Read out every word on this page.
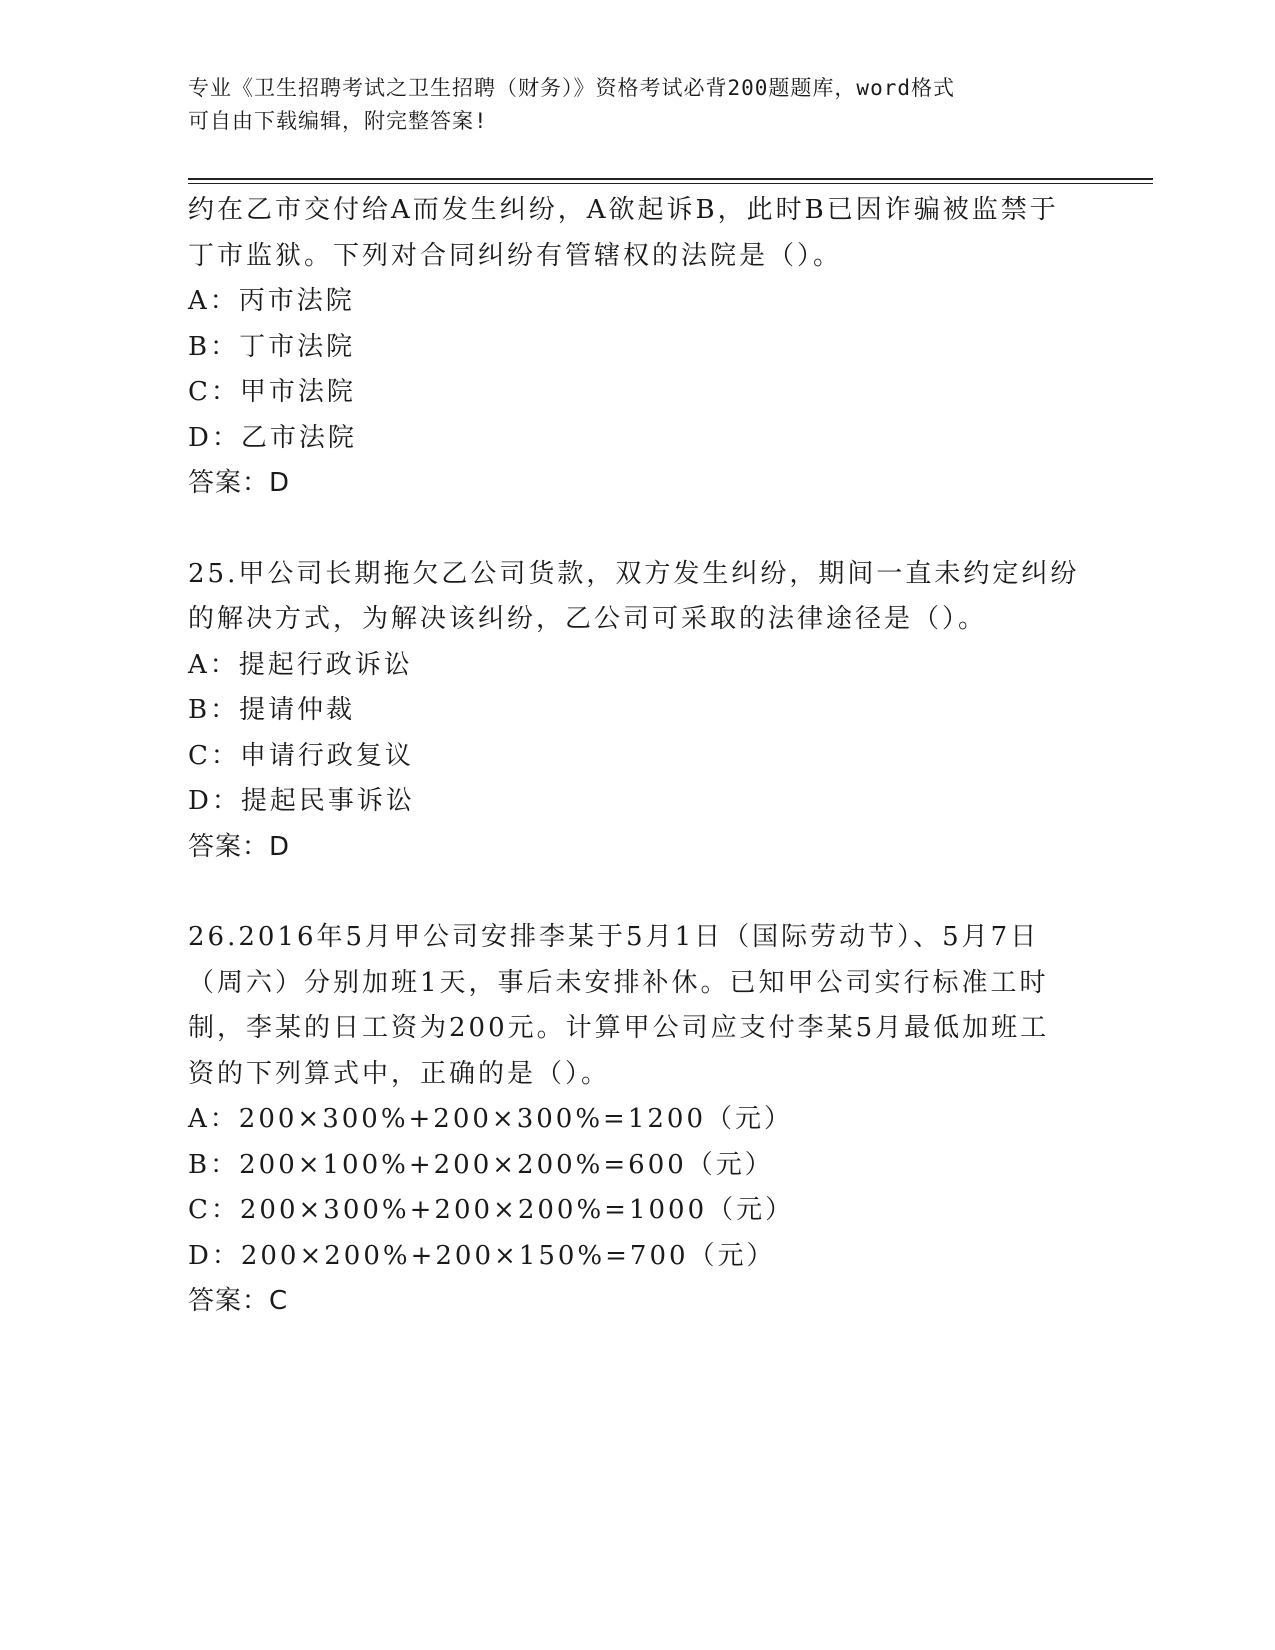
专业《卫生招聘考试之卫生招聘（财务）》资格考试必背200题题库，word格式
可自由下载编辑，附完整答案!
约在乙市交付给A而发生纠纷，A欲起诉B，此时B已因诈骗被监禁于
丁市监狱。下列对合同纠纷有管辖权的法院是（）。
A：丙市法院
B：丁市法院
C：甲市法院
D：乙市法院
答案：D
25.甲公司长期拖欠乙公司货款，双方发生纠纷，期间一直未约定纠纷
的解决方式，为解决该纠纷，乙公司可采取的法律途径是（）。
A：提起行政诉讼
B：提请仲裁
C：申请行政复议
D：提起民事诉讼
答案：D
26.2016年5月甲公司安排李某于5月1日（国际劳动节）、5月7日
（周六）分别加班1天，事后未安排补休。已知甲公司实行标准工时
制，李某的日工资为200元。计算甲公司应支付李某5月最低加班工
资的下列算式中，正确的是（）。
A：200×300%+200×300%=1200（元）
B：200×100%+200×200%=600（元）
C：200×300%+200×200%=1000（元）
D：200×200%+200×150%=700（元）
答案：C
